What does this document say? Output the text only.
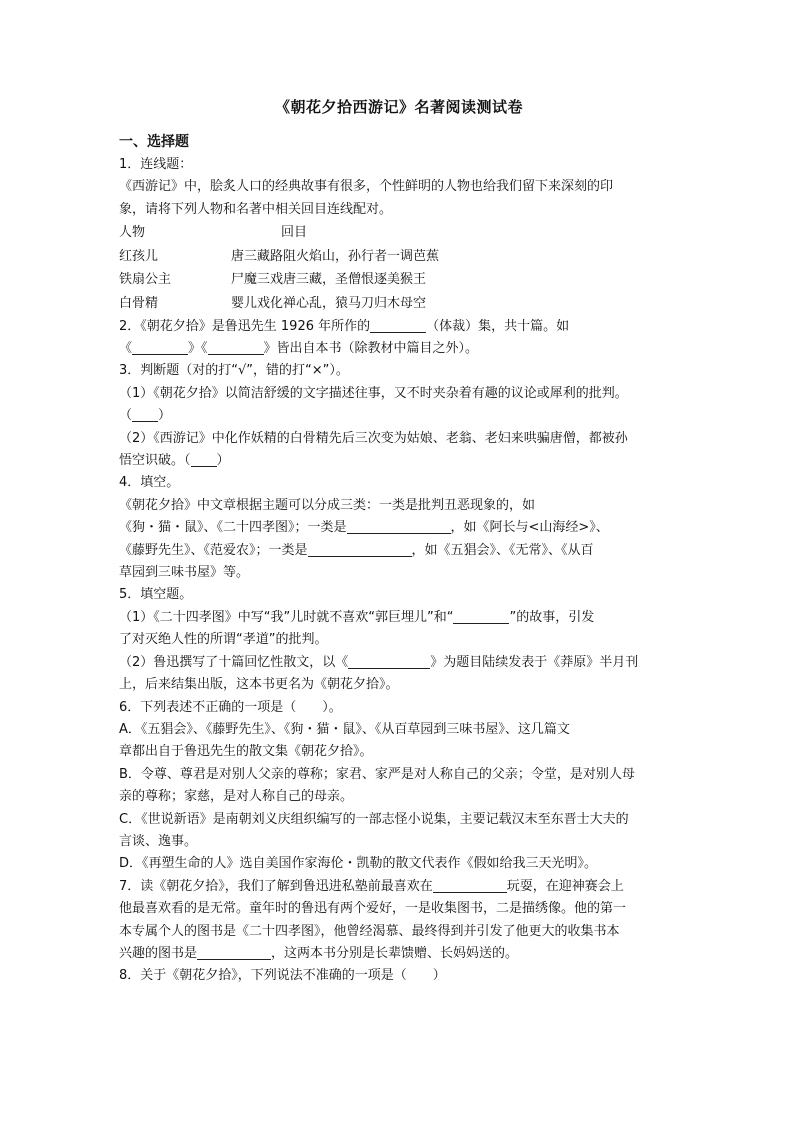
《朝花夕拾西游记》名著阅读测试卷
一、选择题

1．连线题：

《西游记》中，脍炙人口的经典故事有很多，个性鲜明的人物也给我们留下来深刻的印

象，请将下列人物和名著中相关回目连线配对。

人物	回目
红孩儿	唐三藏路阻火焰山，孙行者一调芭蕉
铁扇公主	尸魔三戏唐三藏，圣僧恨逐美猴王
白骨精	婴儿戏化禅心乱，猿马刀归木母空

2．《朝花夕拾》是鲁迅先生 1926 年所作的	（体裁）集，共十篇。如

《	》《	》皆出自本书（除教材中篇目之外）。

3．判断题（对的打“√”，错的打“×”）。

（1）《朝花夕拾》以简洁舒缓的文字描述往事，又不时夹杂着有趣的议论或犀利的批判。

（ ）

（2）《西游记》中化作妖精的白骨精先后三次变为姑娘、老翁、老妇来哄骗唐僧，都被孙

悟空识破。（ ）

4．填空。

《朝花夕拾》中文章根据主题可以分成三类：一类是批判丑恶现象的，如

《狗・猫・鼠》、《二十四孝图》；一类是	，如《阿长与<山海经>》、

《藤野先生》、《范爱农》；一类是	，如《五猖会》、《无常》、《从百

草园到三味书屋》等。

5．填空题。

（1）《二十四孝图》中写“我”儿时就不喜欢“郭巨埋儿”和“	”的故事，引发

了对灭绝人性的所谓“孝道”的批判。

（2）鲁迅撰写了十篇回忆性散文，以《	》为题目陆续发表于《莽原》半月刊

上，后来结集出版，这本书更名为《朝花夕拾》。

6．下列表述不正确的一项是（　　）。

A．《五猖会》、《藤野先生》、《狗・猫・鼠》、《从百草园到三味书屋》、这几篇文

章都出自于鲁迅先生的散文集《朝花夕拾》。

B．令尊、尊君是对别人父亲的尊称；家君、家严是对人称自己的父亲；令堂，是对别人母

亲的尊称；家慈，是对人称自己的母亲。

C．《世说新语》是南朝刘义庆组织编写的一部志怪小说集，主要记载汉末至东晋士大夫的

言谈、逸事。

D．《再塑生命的人》选自美国作家海伦・凯勒的散文代表作《假如给我三天光明》。

7．读《朝花夕拾》，我们了解到鲁迅进私塾前最喜欢在	玩耍，在迎神赛会上

他最喜欢看的是无常。童年时的鲁迅有两个爱好，一是收集图书，二是描绣像。他的第一

本专属个人的图书是《二十四孝图》，他曾经渴慕、最终得到并引发了他更大的收集书本

兴趣的图书是	，这两本书分别是长辈馈赠、长妈妈送的。

8．关于《朝花夕拾》，下列说法不准确的一项是（　　）
